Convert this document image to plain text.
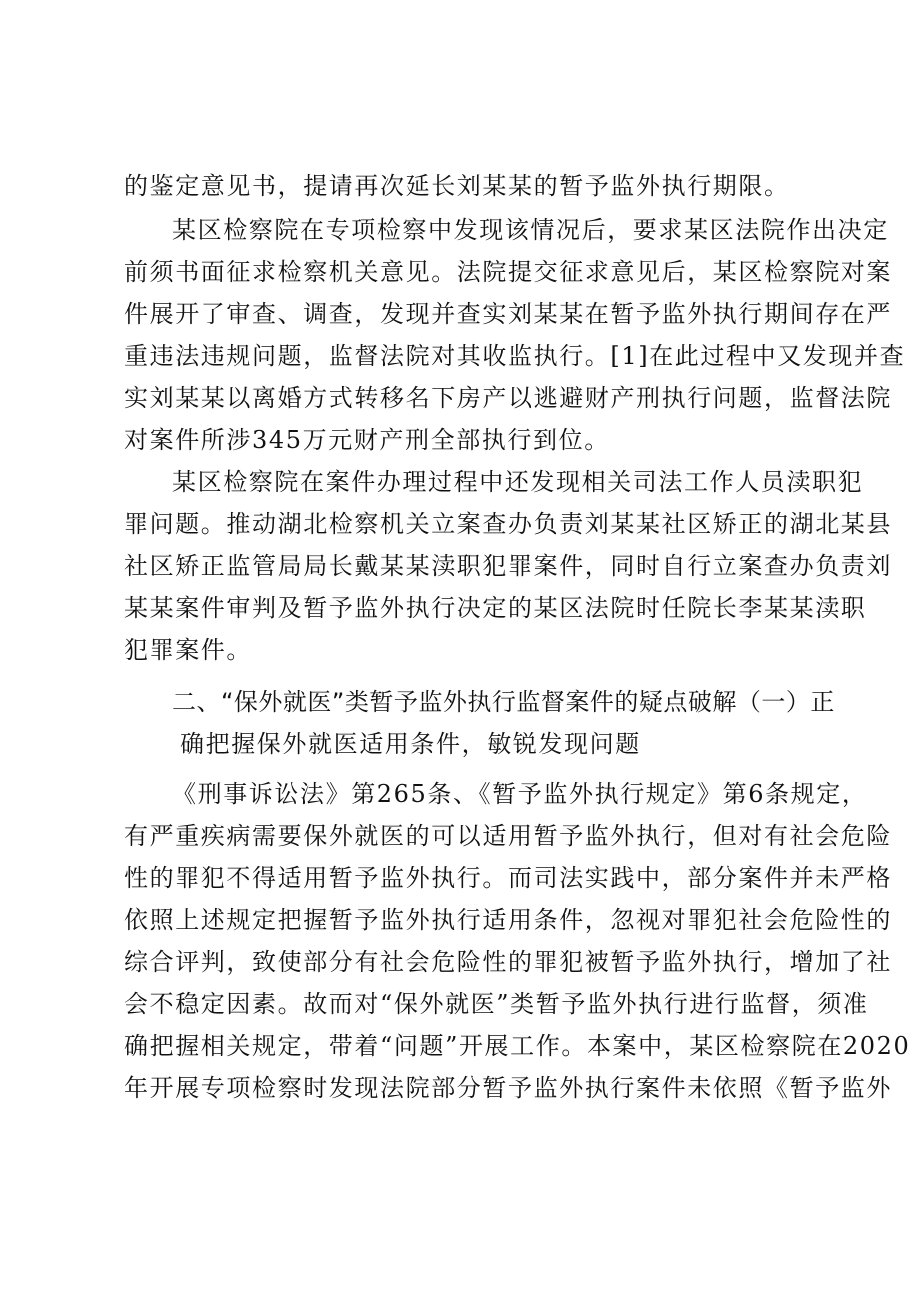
的鉴定意见书，提请再次延长刘某某的暂予监外执行期限。
某区检察院在专项检察中发现该情况后，要求某区法院作出决定
前须书面征求检察机关意见。法院提交征求意见后，某区检察院对案
件展开了审查、调查，发现并查实刘某某在暂予监外执行期间存在严
重违法违规问题，监督法院对其收监执行。[1]在此过程中又发现并查
实刘某某以离婚方式转移名下房产以逃避财产刑执行问题，监督法院
对案件所涉345万元财产刑全部执行到位。
某区检察院在案件办理过程中还发现相关司法工作人员渎职犯
罪问题。推动湖北检察机关立案查办负责刘某某社区矫正的湖北某县
社区矫正监管局局长戴某某渎职犯罪案件，同时自行立案查办负责刘
某某案件审判及暂予监外执行决定的某区法院时任院长李某某渎职
犯罪案件。
二、“保外就医”类暂予监外执行监督案件的疑点破解（一）正
确把握保外就医适用条件，敏锐发现问题
《刑事诉讼法》第265条、《暂予监外执行规定》第6条规定，
有严重疾病需要保外就医的可以适用暂予监外执行，但对有社会危险
性的罪犯不得适用暂予监外执行。而司法实践中，部分案件并未严格
依照上述规定把握暂予监外执行适用条件，忽视对罪犯社会危险性的
综合评判，致使部分有社会危险性的罪犯被暂予监外执行，增加了社
会不稳定因素。故而对“保外就医”类暂予监外执行进行监督，须准
确把握相关规定，带着“问题”开展工作。本案中，某区检察院在2020
年开展专项检察时发现法院部分暂予监外执行案件未依照《暂予监外
